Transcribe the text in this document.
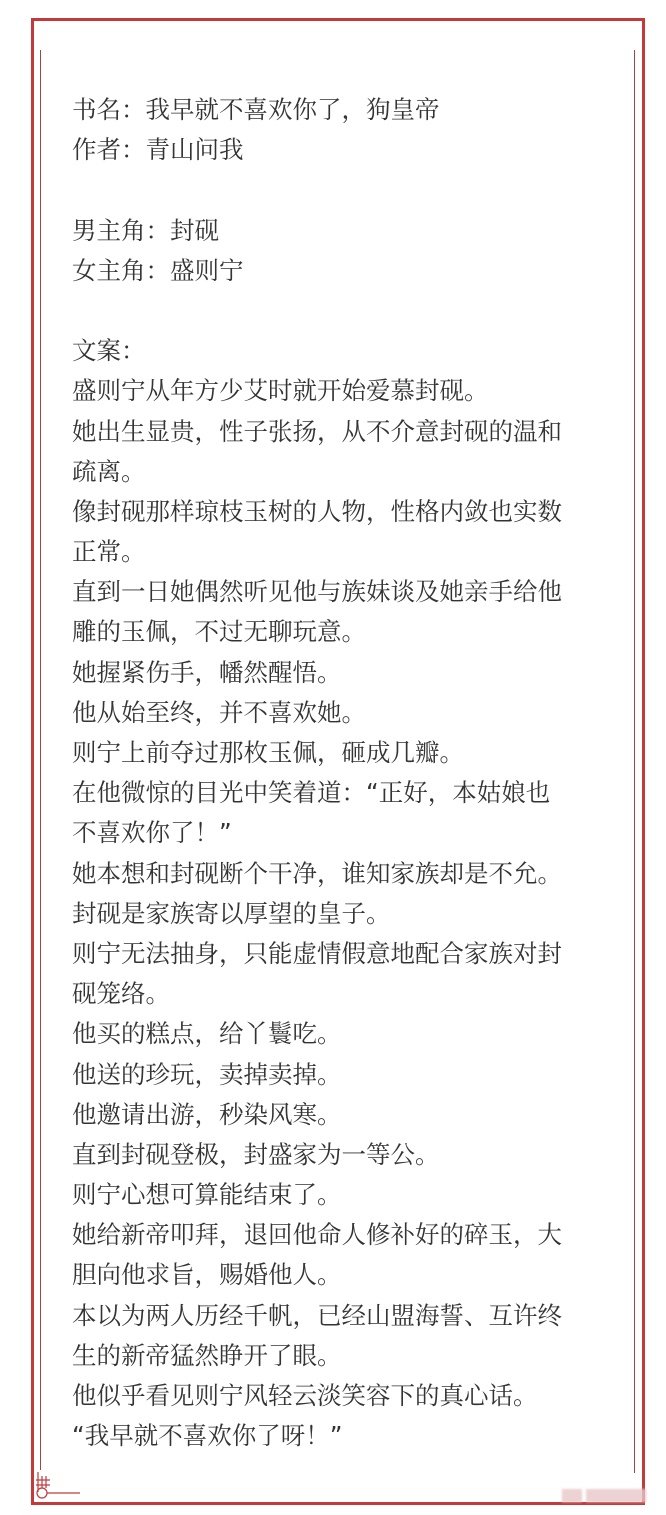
书名：我早就不喜欢你了，狗皇帝
作者：青山问我
男主角：封砚
女主角：盛则宁
文案：
盛则宁从年方少艾时就开始爱慕封砚。
她出生显贵，性子张扬，从不介意封砚的温和
疏离。
像封砚那样琼枝玉树的人物，性格内敛也实数
正常。
直到一日她偶然听见他与族妹谈及她亲手给他
雕的玉佩，不过无聊玩意。
她握紧伤手，幡然醒悟。
他从始至终，并不喜欢她。
则宁上前夺过那枚玉佩，砸成几瓣。
在他微惊的目光中笑着道：“正好，本姑娘也
不喜欢你了！”
她本想和封砚断个干净，谁知家族却是不允。
封砚是家族寄以厚望的皇子。
则宁无法抽身，只能虚情假意地配合家族对封
砚笼络。
他买的糕点，给丫鬟吃。
他送的珍玩，卖掉卖掉。
他邀请出游，秒染风寒。
直到封砚登极，封盛家为一等公。
则宁心想可算能结束了。
她给新帝叩拜，退回他命人修补好的碎玉，大
胆向他求旨，赐婚他人。
本以为两人历经千帆，已经山盟海誓、互许终
生的新帝猛然睁开了眼。
他似乎看见则宁风轻云淡笑容下的真心话。
“我早就不喜欢你了呀！”
▇▇ ▇▇▇▇▇▇
